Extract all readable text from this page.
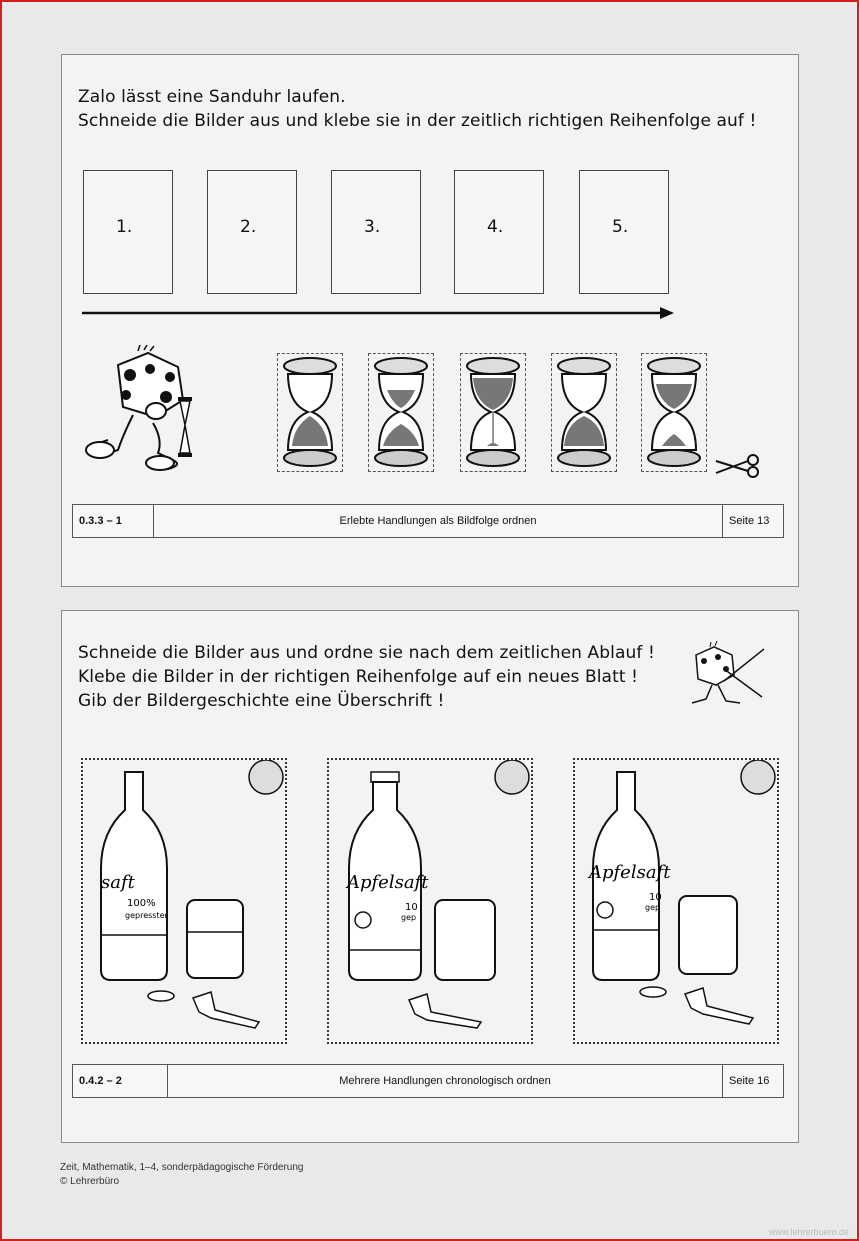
Zalo lässt eine Sanduhr laufen.
Schneide die Bilder aus und klebe sie in der zeitlich richtigen Reihenfolge auf !
1.	2.	3.	4.	5.
0.3.3 – 1	Erlebte Handlungen als Bildfolge ordnen	Seite 13
Schneide die Bilder aus und ordne sie nach dem zeitlichen Ablauf !
Klebe die Bilder in der richtigen Reihenfolge auf ein neues Blatt !
Gib der Bildergeschichte eine Überschrift !
saft
100%
gepresster
Apfelsaft
10
gep
Apfelsaft
10
gep
0.4.2 – 2	Mehrere Handlungen chronologisch ordnen	Seite 16
Zeit, Mathematik, 1–4, sonderpädagogische Förderung
© Lehrerbüro
www.lehrerbuero.de
